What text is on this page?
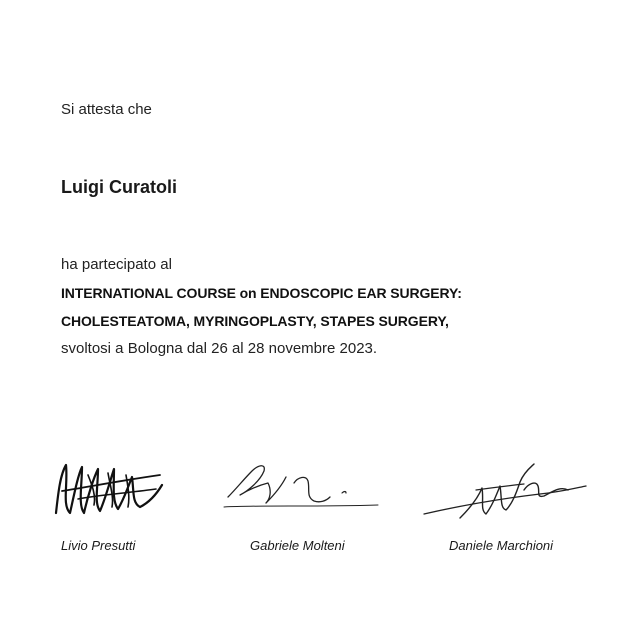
Si attesta che
Luigi Curatoli
ha partecipato al
INTERNATIONAL COURSE on ENDOSCOPIC EAR SURGERY:
CHOLESTEATOMA, MYRINGOPLASTY, STAPES SURGERY,
svoltosi a Bologna dal 26 al 28 novembre 2023.
Livio Presutti	Gabriele Molteni	Daniele Marchioni
